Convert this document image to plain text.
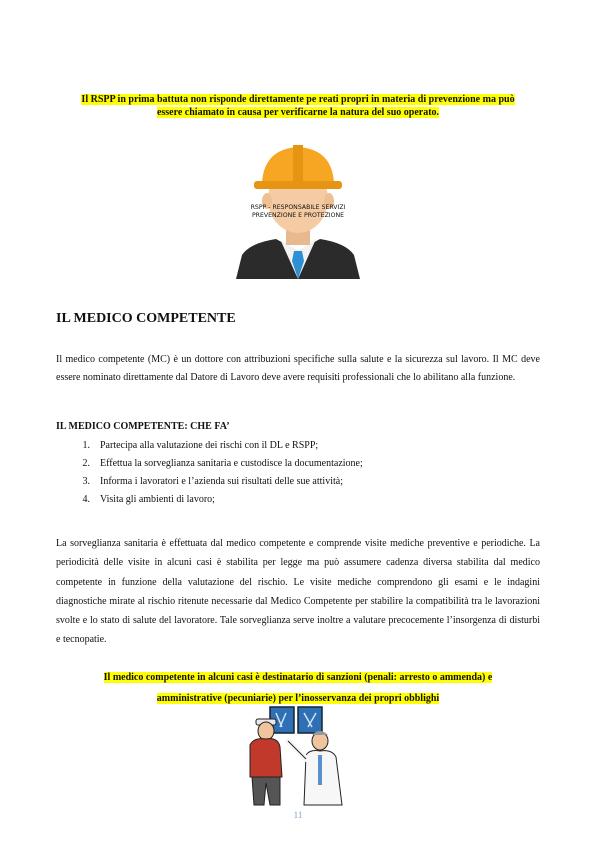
Il RSPP in prima battuta non risponde direttamente pe reati propri in materia di prevenzione ma può
essere chiamato in causa per verificarne la natura del suo operato.
RSPP - RESPONSABILE SERVIZI
PREVENZIONE E PROTEZIONE
IL MEDICO COMPETENTE
Il medico competente (MC) è un dottore con attribuzioni specifiche sulla salute e la sicurezza sul lavoro. Il MC deve essere nominato direttamente dal Datore di Lavoro deve avere requisiti professionali che lo abilitano alla funzione.
IL MEDICO COMPETENTE: CHE FA’
1.	Partecipa alla valutazione dei rischi con il DL e RSPP;
2.	Effettua la sorveglianza sanitaria e custodisce la documentazione;
3.	Informa i lavoratori e l’azienda sui risultati delle sue attività;
4.	Visita gli ambienti di lavoro;
La sorveglianza sanitaria è effettuata dal medico competente e comprende visite mediche preventive e periodiche. La periodicità delle visite in alcuni casi è stabilita per legge ma può assumere cadenza diversa stabilita dal medico competente in funzione della valutazione del rischio. Le visite mediche comprendono gli esami e le indagini diagnostiche mirate al rischio ritenute necessarie dal Medico Competente per stabilire la compatibilità tra le lavorazioni svolte e lo stato di salute del lavoratore. Tale sorveglianza serve inoltre a valutare precocemente l’insorgenza di disturbi e tecnopatie.
Il medico competente in alcuni casi è destinatario di sanzioni (penali: arresto o ammenda) e
amministrative (pecuniarie) per l’inosservanza dei propri obblighi
11
